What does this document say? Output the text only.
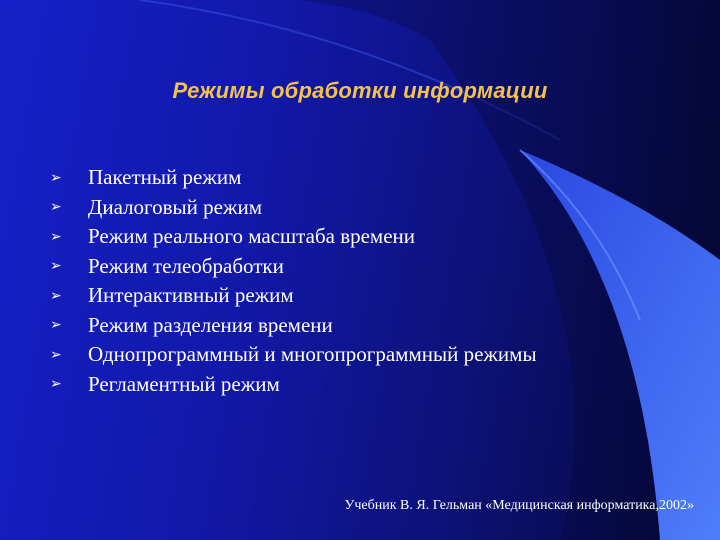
Режимы обработки информации
➢ Пакетный режим
➢ Диалоговый режим
➢ Режим реального масштаба времени
➢ Режим телеобработки
➢ Интерактивный режим
➢ Режим разделения времени
➢ Однопрограммный и многопрограммный режимы
➢ Регламентный режим
Учебник В. Я. Гельман «Медицинская информатика,2002»
